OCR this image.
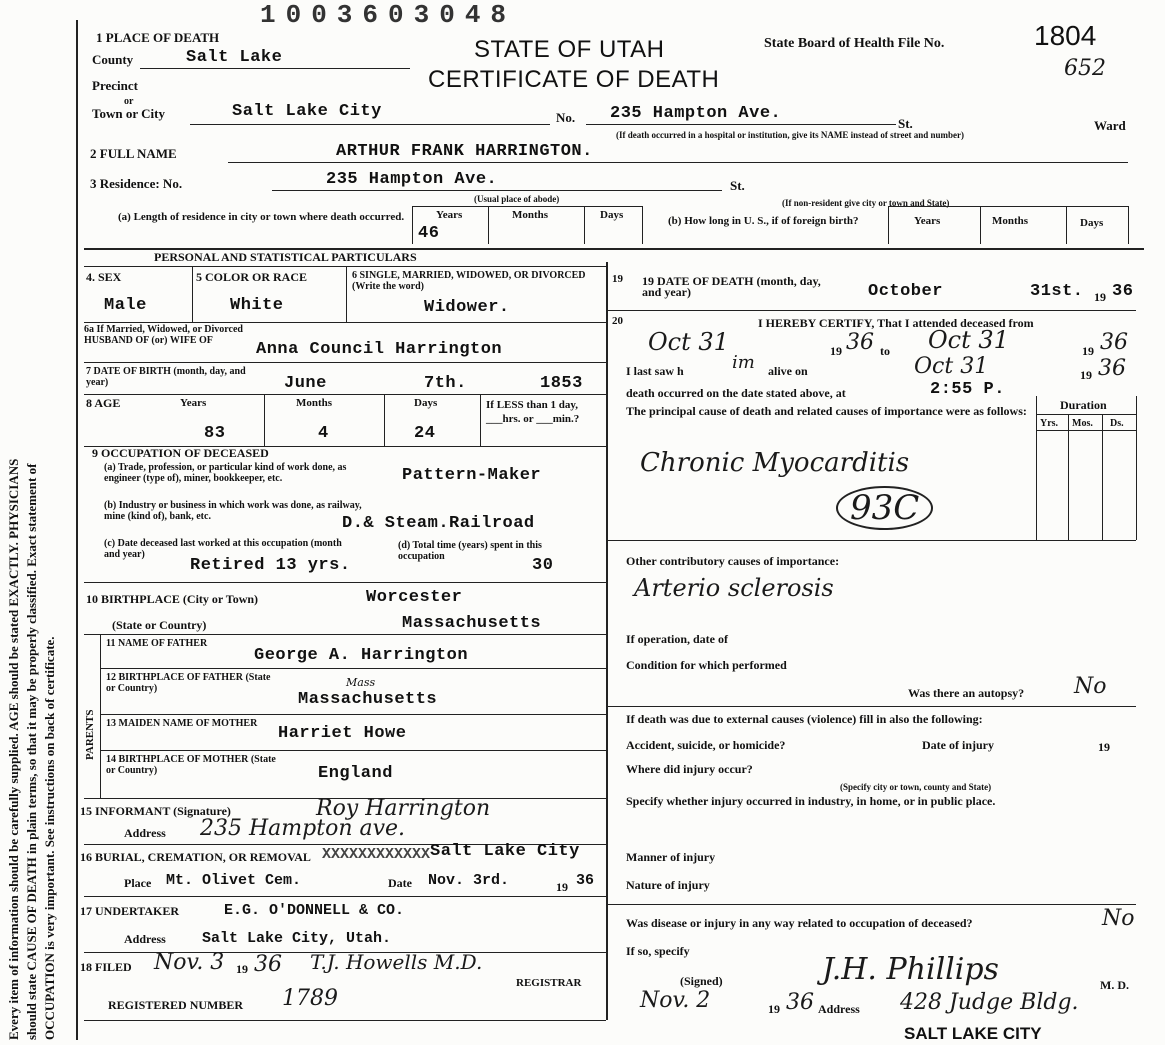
Every item of information should be carefully supplied. AGE should be stated EXACTLY. PHYSICIANS should state CAUSE OF DEATH in plain terms, so that it may be properly classified. Exact statement of OCCUPATION is very important. See instructions on back of certificate.
1003603048
STATE OF UTAH
CERTIFICATE OF DEATH
State Board of Health File No.	1804
652
1 PLACE OF DEATH
County	Salt Lake
Precinct
or
Town or City	Salt Lake City	No. 235 Hampton Ave.
St.	Ward
(If death occurred in a hospital or institution, give its NAME instead of street and number)
2 FULL NAME	ARTHUR FRANK HARRINGTON.
3 Residence: No.	235 Hampton Ave.	St.
(Usual place of abode)	(If non-resident give city or town and State)
(a) Length of residence in city or town where death occurred.	Years	Months	Days
46
(b) How long in U. S., if of foreign birth?	Years	Months	Days
PERSONAL AND STATISTICAL PARTICULARS
4. SEX
Male
5 COLOR OR RACE
White
6 SINGLE, MARRIED, WIDOWED, OR DIVORCED (Write the word)
Widower.
6a If Married, Widowed, or Divorced HUSBAND OF (or) WIFE OF	Anna Council Harrington
7 DATE OF BIRTH (month, day, and year)	June	7th.	1853
8 AGE	Years	Months	Days
83	4	24
If LESS than 1 day, ___hrs. or ___min.?
9 OCCUPATION OF DECEASED
(a) Trade, profession, or particular kind of work done, as engineer (type of), miner, bookkeeper, etc.	Pattern-Maker
(b) Industry or business in which work was done, as railway, mine (kind of), bank, etc.	D.& Steam.Railroad
(c) Date deceased last worked at this occupation (month and year)
Retired 13 yrs.
(d) Total time (years) spent in this occupation	30
10 BIRTHPLACE (City or Town)	Worcester
(State or Country)	Massachusetts
PARENTS
11 NAME OF FATHER
George A. Harrington
12 BIRTHPLACE OF FATHER (State or Country)	Mass
Massachusetts
13 MAIDEN NAME OF MOTHER
Harriet Howe
14 BIRTHPLACE OF MOTHER (State or Country)	England
15 INFORMANT (Signature)	Roy Harrington
Address 235 Hampton ave.
16 BURIAL, CREMATION, OR REMOVAL XXXXXXXXXXXX Salt Lake City
Place Mt. Olivet Cem.	Date Nov. 3rd.	19 36
17 UNDERTAKER	E.G. O'DONNELL & CO.
Address Salt Lake City, Utah.
18 FILED Nov. 3 19 36 T.J. Howells M.D.
REGISTRAR
REGISTERED NUMBER 1789
19 19 DATE OF DEATH (month, day, and year)	October	31st. 19 36
20	I HEREBY CERTIFY, That I attended deceased from
Oct 31	19 36 to Oct 31	19 36
I last saw h	im alive on	Oct 31	19 36
death occurred on the date stated above, at	2:55 P.
Duration
The principal cause of death and related causes of importance were as follows:
Yrs. Mos. Ds.
Chronic Myocarditis
93C
Other contributory causes of importance:
Arterio sclerosis
If operation, date of
Condition for which performed
Was there an autopsy? No
If death was due to external causes (violence) fill in also the following:
Accident, suicide, or homicide?	Date of injury	19
Where did injury occur?
(Specify city or town, county and State)
Specify whether injury occurred in industry, in home, or in public place.
Manner of injury
Nature of injury
Was disease or injury in any way related to occupation of deceased?	No
If so, specify
(Signed)	J.H. Phillips	M. D.
Nov. 2	19 36 Address 428 Judge Bldg.
SALT LAKE CITY
